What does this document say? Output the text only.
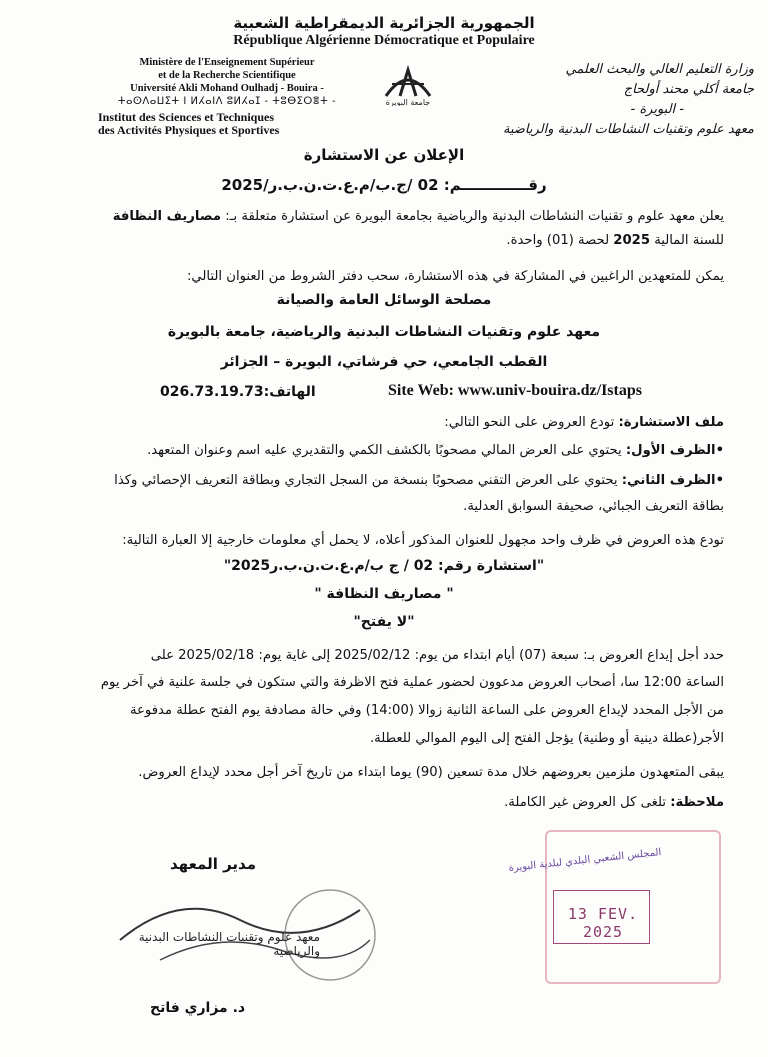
الجمهورية الجزائرية الديمقراطية الشعبية
République Algérienne Démocratique et Populaire
Ministère de l'Enseignement Supérieur
et de la Recherche Scientifique
Université Akli Mohand Oulhadj - Bouira -
ⵜⴰⵙⴷⴰⵡⵉⵜ ⵏ ⵍⵃⴰⵏⴷ ⵓⵍⵃⴰⵊ - ⵜⵓⴱⵉⵔⴻⵜ -
Institut des Sciences et Techniques
des Activités Physiques et Sportives
جامعة البويرة
وزارة التعليم العالي والبحث العلمي
جامعة أكلي محند أولحاج
- البويرة -
معهد علوم وتقنيات النشاطات البدنية والرياضية
الإعلان عن الاستشارة
رقـــــــــــــم: 02 /ج.ب/م.ع.ت.ن.ب.ر/2025
يعلن معهد علوم و تقنيات النشاطات البدنية والرياضية بجامعة البويرة عن استشارة متعلقة بـ: مصاريف النظافة
للسنة المالية 2025 لحصة (01) واحدة.
يمكن للمتعهدين الراغبين في المشاركة في هذه الاستشارة، سحب دفتر الشروط من العنوان التالي:
مصلحة الوسائل العامة والصيانة
معهد علوم وتقنيات النشاطات البدنية والرياضية، جامعة بالبويرة
القطب الجامعي، حي فرشاتي، البويرة – الجزائر
الهاتف:026.73.19.73	Site Web: www.univ-bouira.dz/Istaps
ملف الاستشارة: تودع العروض على النحو التالي:
•الظرف الأول: يحتوي على العرض المالي مصحوبًا بالكشف الكمي والتقديري عليه اسم وعنوان المتعهد.
•الظرف الثاني: يحتوي على العرض التقني مصحوبًا بنسخة من السجل التجاري وبطاقة التعريف الإحصائي وكذا
بطاقة التعريف الجبائي، صحيفة السوابق العدلية.
تودع هذه العروض في ظرف واحد مجهول للعنوان المذكور أعلاه، لا يحمل أي معلومات خارجية إلا العبارة التالية:
"استشارة رقم: 02 / ج ب/م.ع.ت.ن.ب.ر2025"
" مصاريف النظافة "
"لا يفتح"
حدد أجل إيداع العروض بـ: سبعة (07) أيام ابتداء من يوم: 2025/02/12 إلى غاية يوم: 2025/02/18 على
الساعة 12:00 سا، أصحاب العروض مدعوون لحضور عملية فتح الاظرفة والتي ستكون في جلسة علنية في آخر يوم
من الأجل المحدد لإيداع العروض على الساعة الثانية زوالا (14:00) وفي حالة مصادفة يوم الفتح عطلة مدفوعة
الأجر(عطلة دينية أو وطنية) يؤجل الفتح إلى اليوم الموالي للعطلة.
يبقى المتعهدون ملزمين بعروضهم خلال مدة تسعين (90) يوما ابتداء من تاريخ آخر أجل محدد لإيداع العروض.
ملاحظة: تلغى كل العروض غير الكاملة.
مدير المعهد
معهد علوم وتقنيات النشاطات البدنية والرياضية
د. مزاري فاتح
المجلس الشعبي البلدي لبلدية البويرة
13 FEV. 2025
